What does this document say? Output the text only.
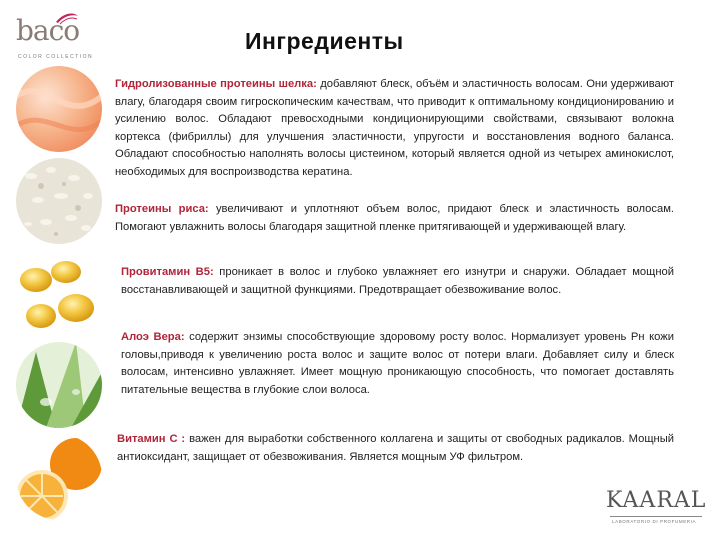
baco
COLOR COLLECTION
Ингредиенты
Гидролизованные протеины шелка: добавляют блеск, объём и эластичность волосам. Они удерживают влагу, благодаря своим гигроскопическим качествам, что приводит к оптимальному кондиционированию и усилению волос. Обладают превосходными кондиционирующими свойствами, связывают волокна кортекса (фибриллы) для улучшения эластичности, упругости и восстановления водного баланса. Обладают способностью наполнять волосы цистеином, который является одной из четырех аминокислот, необходимых для воспроизводства кератина.
Протеины риса: увеличивают и уплотняют объем волос, придают блеск и эластичность волосам. Помогают увлажнить волосы благодаря защитной пленке притягивающей и удерживающей влагу.
Провитамин В5: проникает в волос и глубоко увлажняет его изнутри и снаружи. Обладает мощной восстанавливающей и защитной функциями. Предотвращает обезвоживание волос.
Алоэ Вера: содержит энзимы способствующие здоровому росту волос. Нормализует уровень Рн кожи головы,приводя к увеличению роста волос и защите волос от потери влаги. Добавляет силу и блеск волосам, интенсивно увлажняет. Имеет мощную проникающую способность, что помогает доставлять питательные вещества в глубокие слои волоса.
Витамин С : важен для выработки собственного коллагена и защиты от свободных радикалов. Мощный антиоксидант, защищает от обезвоживания. Является мощным УФ фильтром.
KAARAL
LABORATORIO DI PROFUMERIA
